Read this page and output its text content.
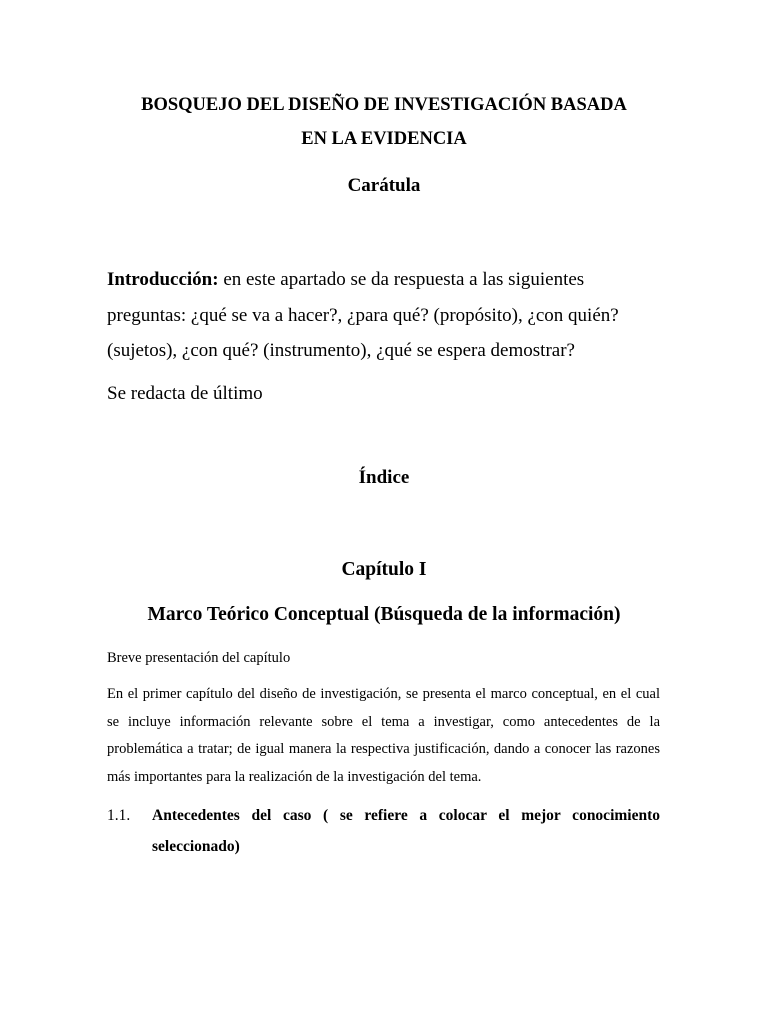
BOSQUEJO DEL DISEÑO DE INVESTIGACIÓN BASADA
EN LA EVIDENCIA
Carátula

Introducción: en este apartado se da respuesta a las siguientes preguntas: ¿qué se va a hacer?, ¿para qué? (propósito), ¿con quién? (sujetos), ¿con qué? (instrumento), ¿qué se espera demostrar?

Se redacta de último

Índice
Capítulo I
Marco Teórico Conceptual (Búsqueda de la información)

Breve presentación del capítulo

En el primer capítulo del diseño de investigación, se presenta el marco conceptual, en el cual se incluye información relevante sobre el tema a investigar, como antecedentes de la problemática a tratar; de igual manera la respectiva justificación, dando a conocer las razones más importantes para la realización de la investigación del tema.

1.1. Antecedentes del caso ( se refiere a colocar el mejor conocimiento seleccionado)
